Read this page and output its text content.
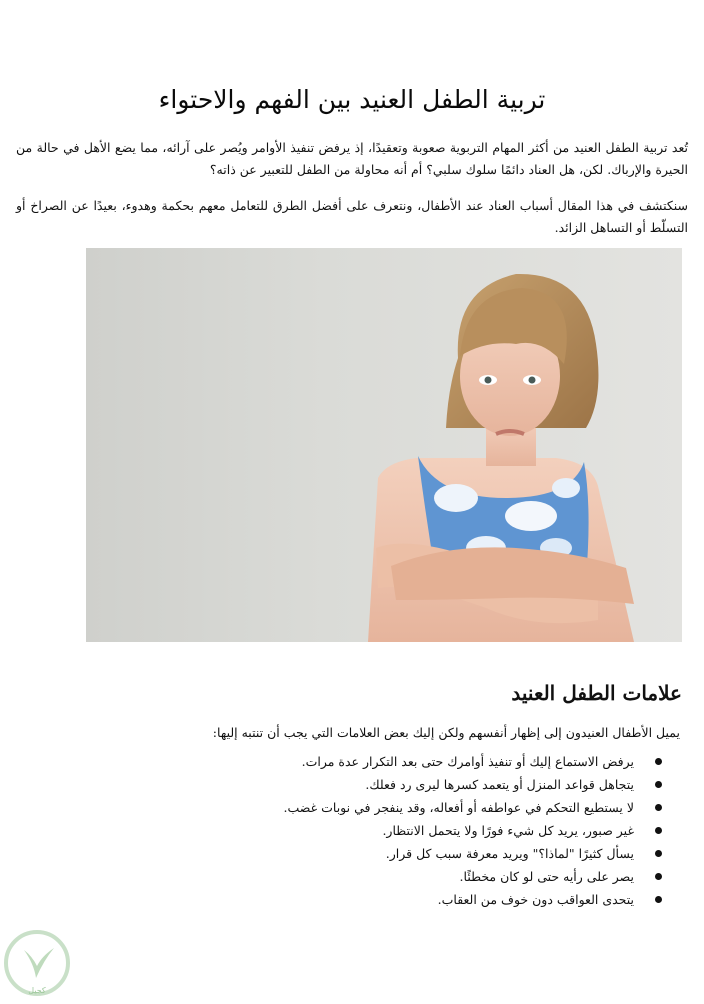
تربية الطفل العنيد بين الفهم والاحتواء

تُعد تربية الطفل العنيد من أكثر المهام التربوية صعوبة وتعقيدًا، إذ يرفض تنفيذ الأوامر ويُصر على آرائه، مما يضع الأهل في حالة من الحيرة والإرباك. لكن، هل العناد دائمًا سلوك سلبي؟ أم أنه محاولة من الطفل للتعبير عن ذاته؟

سنكتشف في هذا المقال أسباب العناد عند الأطفال، ونتعرف على أفضل الطرق للتعامل معهم بحكمة وهدوء، بعيدًا عن الصراخ أو التسلّط أو التساهل الزائد.

علامات الطفل العنيد

يميل الأطفال العنيدون إلى إظهار أنفسهم ولكن إليك بعض العلامات التي يجب أن تنتبه إليها:

يرفض الاستماع إليك أو تنفيذ أوامرك حتى بعد التكرار عدة مرات.
يتجاهل قواعد المنزل أو يتعمد كسرها ليرى رد فعلك.
لا يستطيع التحكم في عواطفه أو أفعاله، وقد ينفجر في نوبات غضب.
غير صبور، يريد كل شيء فورًا ولا يتحمل الانتظار.
يسأل كثيرًا "لماذا؟" ويريد معرفة سبب كل قرار.
يصر على رأيه حتى لو كان مخطئًا.
يتحدى العواقب دون خوف من العقاب.
كجيل
